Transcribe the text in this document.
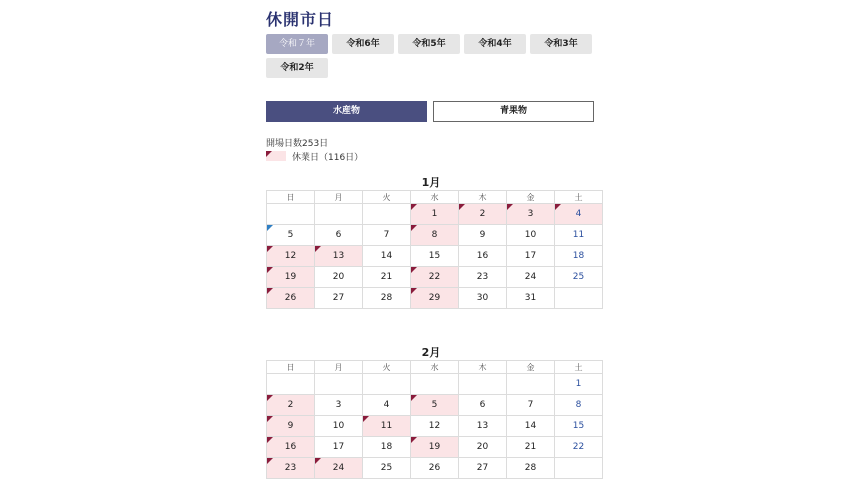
休開市日
令和７年	令和6年	令和5年	令和4年	令和3年
令和2年
水産物	青果物
開場日数253日
休業日（116日）
1月
日	月	火	水	木	金	土
			1	2	3	4
5	6	7	8	9	10	11
12	13	14	15	16	17	18
19	20	21	22	23	24	25
26	27	28	29	30	31	
2月
日	月	火	水	木	金	土
						1
2	3	4	5	6	7	8
9	10	11	12	13	14	15
16	17	18	19	20	21	22
23	24	25	26	27	28	
